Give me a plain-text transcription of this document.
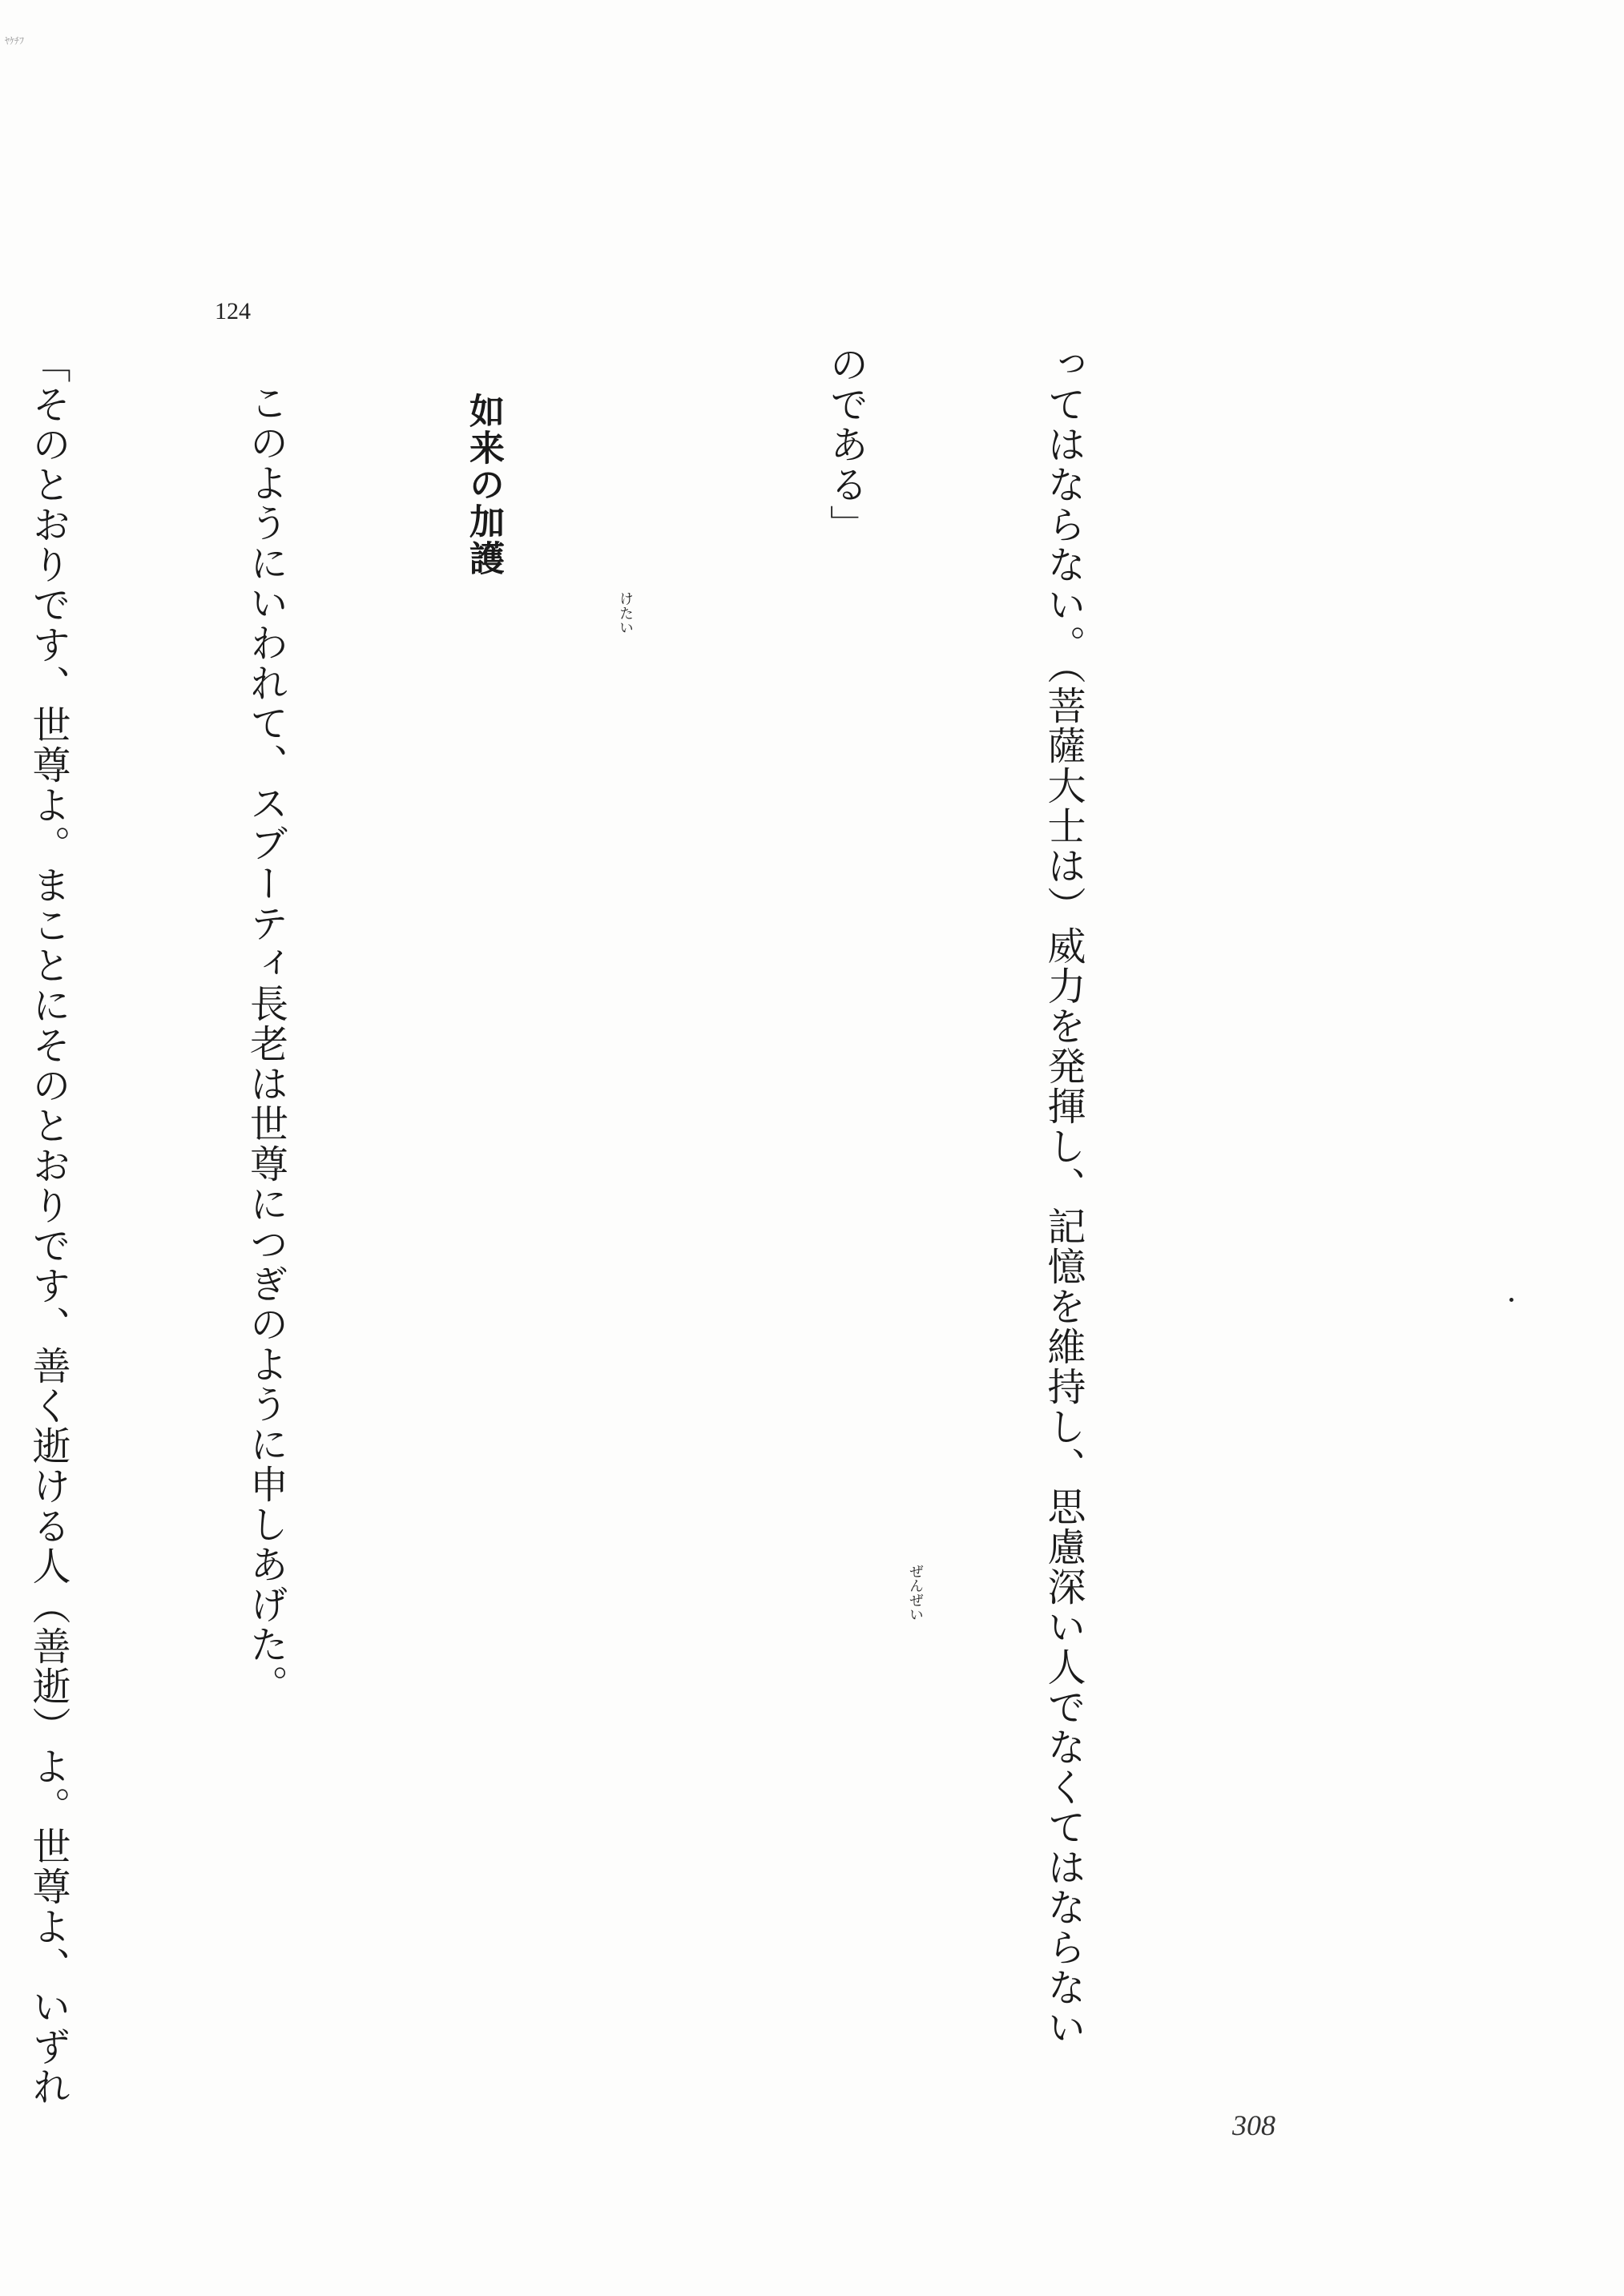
ﾔｹﾁﾌ

ってはならない。（菩薩大士は）威力を発揮し、記憶を維持し、思慮深い人でなくてはならない

のである」

如来の加護

このようにいわれて、スブーティ長老は世尊につぎのように申しあげた。

「そのとおりです、世尊よ。まことにそのとおりです、善く逝ける人（善逝）よ。世尊よ、いずれ

	ぜんぜい
けたい
124
308
